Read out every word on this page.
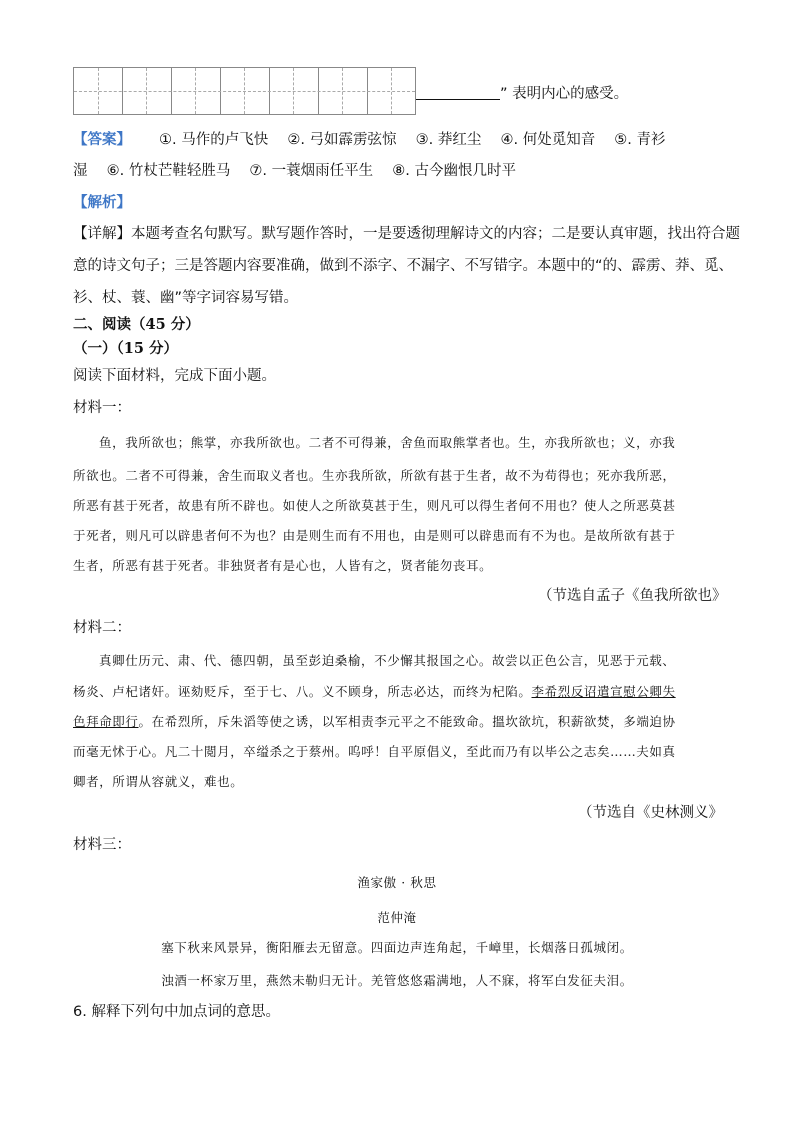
” 表明内心的感受。
【答案】 ①. 马作的卢飞快　 ②. 弓如霹雳弦惊　 ③. 莽红尘　 ④. 何处觅知音　 ⑤. 青衫
湿　 ⑥. 竹杖芒鞋轻胜马　 ⑦. 一蓑烟雨任平生　 ⑧. 古今幽恨几时平
【解析】
【详解】本题考查名句默写。默写题作答时，一是要透彻理解诗文的内容；二是要认真审题，找出符合题
意的诗文句子；三是答题内容要准确，做到不添字、不漏字、不写错字。本题中的“的、霹雳、莽、觅、
衫、杖、蓑、幽”等字词容易写错。
二、阅读（45 分）
（一）（15 分）
阅读下面材料，完成下面小题。
材料一：
鱼，我所欲也；熊掌，亦我所欲也。二者不可得兼，舍鱼而取熊掌者也。生，亦我所欲也；义，亦我
所欲也。二者不可得兼，舍生而取义者也。生亦我所欲，所欲有甚于生者，故不为苟得也；死亦我所恶，
所恶有甚于死者，故患有所不辟也。如使人之所欲莫甚于生，则凡可以得生者何不用也？使人之所恶莫甚
于死者，则凡可以辟患者何不为也？由是则生而有不用也，由是则可以辟患而有不为也。是故所欲有甚于
生者，所恶有甚于死者。非独贤者有是心也，人皆有之，贤者能勿丧耳。
（节选自孟子《鱼我所欲也》
材料二：
真卿仕历元、肃、代、德四朝，虽至彭迫桑榆，不少懈其报国之心。故尝以正色公言，见恶于元载、
杨炎、卢杞诸奸。诬劾贬斥，至于七、八。义不顾身，所志必达，而终为杞陷。李希烈反诏遣宣慰公卿失
色拜命即行。在希烈所，斥朱滔等使之诱，以军相责李元平之不能致命。搵坎欲坑，积薪欲焚，多端迫协
而毫无怵于心。凡二十閲月，卒缢杀之于蔡州。呜呼！自平原倡义，至此而乃有以毕公之志矣……夫如真
卿者，所谓从容就义，难也。
（节选自《史林测义》
材料三：
渔家傲 · 秋思
范仲淹
塞下秋来风景异，衡阳雁去无留意。四面边声连角起，千嶂里，长烟落日孤城闭。
浊酒一杯家万里，燕然未勒归无计。羌管悠悠霜满地，人不寐，将军白发征夫泪。
6. 解释下列句中加点词的意思。
